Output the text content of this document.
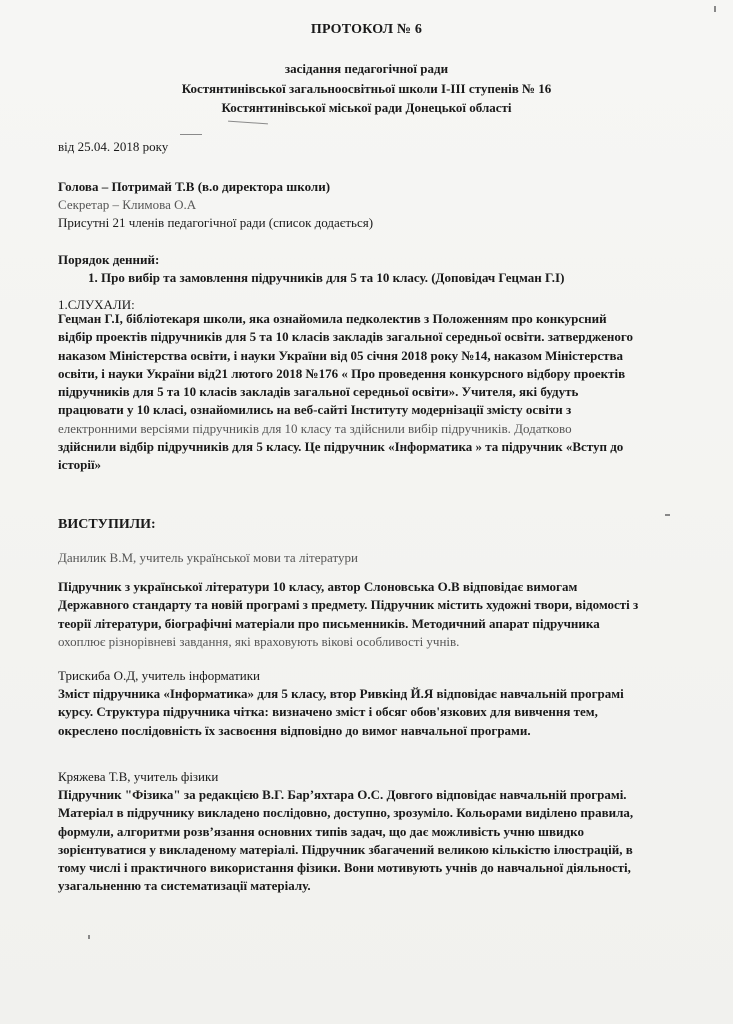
ПРОТОКОЛ № 6
засідання педагогічної ради
Костянтинівської загальноосвітньої школи І-ІІІ ступенів № 16
Костянтинівської міської ради Донецької області
від 25.04. 2018 року
Голова – Потримай Т.В (в.о директора школи)
Секретар – Климова О.А
Присутні 21 членів педагогічної ради (список додається)
Порядок денний:
1. Про вибір та замовлення підручників для 5 та 10 класу. (Доповідач Гецман Г.І)
1.СЛУХАЛИ:
Гецман Г.І, бібліотекаря школи, яка ознайомила педколектив з Положенням про конкурсний
відбір проектів підручників для 5 та 10 класів закладів загальної середньої освіти. затвердженого
наказом Міністерства освіти, і науки України від 05 січня 2018 року №14, наказом Міністерства
освіти, і науки України від21 лютого 2018 №176 « Про проведення конкурсного відбору проектів
підручників для 5 та 10 класів закладів загальної середньої освіти». Учителя, які будуть
працювати у 10 класі, ознайомились на веб-сайті Інституту модернізації змісту освіти з
електронними версіями підручників для 10 класу та здійснили вибір підручників. Додатково
здійснили відбір підручників для 5 класу. Це підручник «Інформатика » та підручник «Вступ до
історії»
ВИСТУПИЛИ:
Данилик В.М, учитель української мови та літератури
Підручник з української літератури 10 класу, автор Слоновська О.В відповідає вимогам
Державного стандарту та новій програмі з предмету. Підручник містить художні твори, відомості з
теорії літератури, біографічні матеріали про письменників. Методичний апарат підручника
охоплює різнорівневі завдання, які враховують вікові особливості учнів.
Трискиба О.Д, учитель інформатики
Зміст підручника «Інформатика» для 5 класу, втор Ривкінд Й.Я відповідає навчальній програмі
курсу. Структура підручника чітка: визначено зміст і обсяг обов'язкових для вивчення тем,
окреслено послідовність їх засвоєння відповідно до вимог навчальної програми.
Кряжева Т.В, учитель фізики
Підручник "Фізика" за редакцією В.Г. Бар’яхтара О.С. Довгого відповідає навчальній програмі.
Матеріал в підручнику викладено послідовно, доступно, зрозуміло. Кольорами виділено правила,
формули, алгоритми розв’язання основних типів задач, що дає можливість учню швидко
зорієнтуватися у викладеному матеріалі. Підручник збагачений великою кількістю ілюстрацій, в
тому числі і практичного використання фізики. Вони мотивують учнів до навчальної діяльності,
узагальненню та систематизації матеріалу.
